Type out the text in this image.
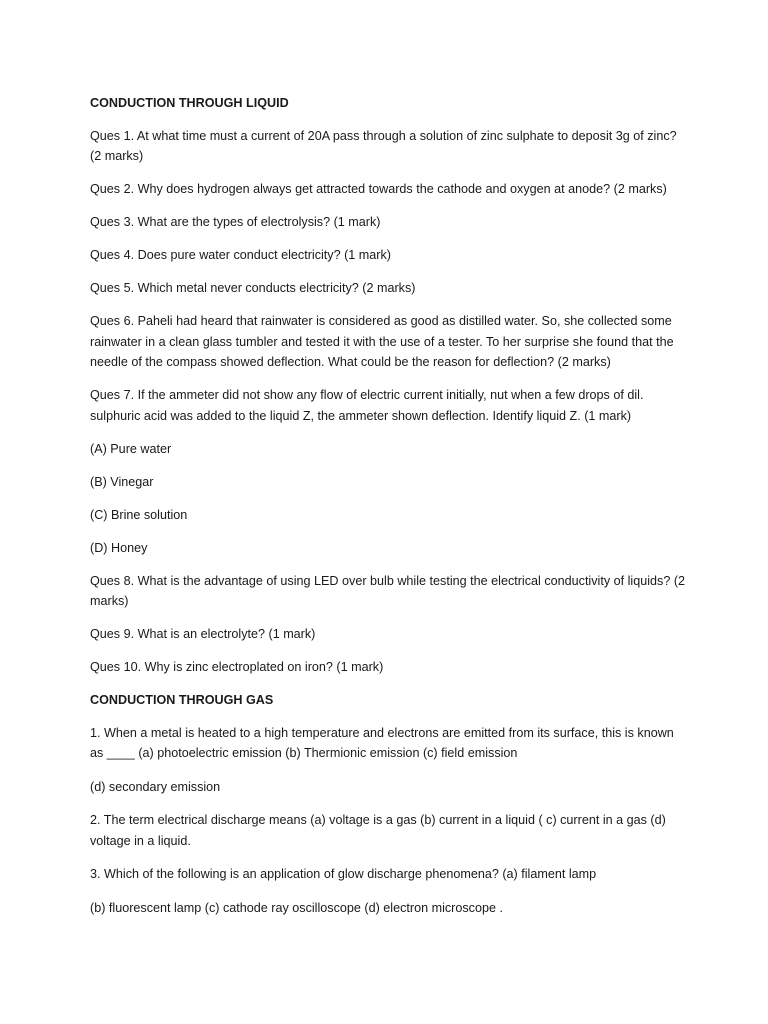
CONDUCTION THROUGH LIQUID
Ques 1. At what time must a current of 20A pass through a solution of zinc sulphate to deposit 3g of zinc? (2 marks)
Ques 2. Why does hydrogen always get attracted towards the cathode and oxygen at anode? (2 marks)
Ques 3. What are the types of electrolysis? (1 mark)
Ques 4. Does pure water conduct electricity? (1 mark)
Ques 5. Which metal never conducts electricity? (2 marks)
Ques 6. Paheli had heard that rainwater is considered as good as distilled water. So, she collected some rainwater in a clean glass tumbler and tested it with the use of a tester. To her surprise she found that the needle of the compass showed deflection. What could be the reason for deflection? (2 marks)
Ques 7. If the ammeter did not show any flow of electric current initially, nut when a few drops of dil. sulphuric acid was added to the liquid Z, the ammeter shown deflection. Identify liquid Z. (1 mark)
(A) Pure water
(B) Vinegar
(C) Brine solution
(D) Honey
Ques 8. What is the advantage of using LED over bulb while testing the electrical conductivity of liquids? (2 marks)
Ques 9. What is an electrolyte? (1 mark)
Ques 10. Why is zinc electroplated on iron? (1 mark)
CONDUCTION THROUGH GAS
1. When a metal is heated to a high temperature and electrons are emitted from its surface, this is known as ____ (a) photoelectric emission (b) Thermionic emission (c) field emission
(d) secondary emission
2. The term electrical discharge means (a) voltage is a gas (b) current in a liquid ( c) current in a gas (d) voltage in a liquid.
3. Which of the following is an application of glow discharge phenomena? (a) filament lamp
(b) fluorescent lamp (c) cathode ray oscilloscope (d) electron microscope .
